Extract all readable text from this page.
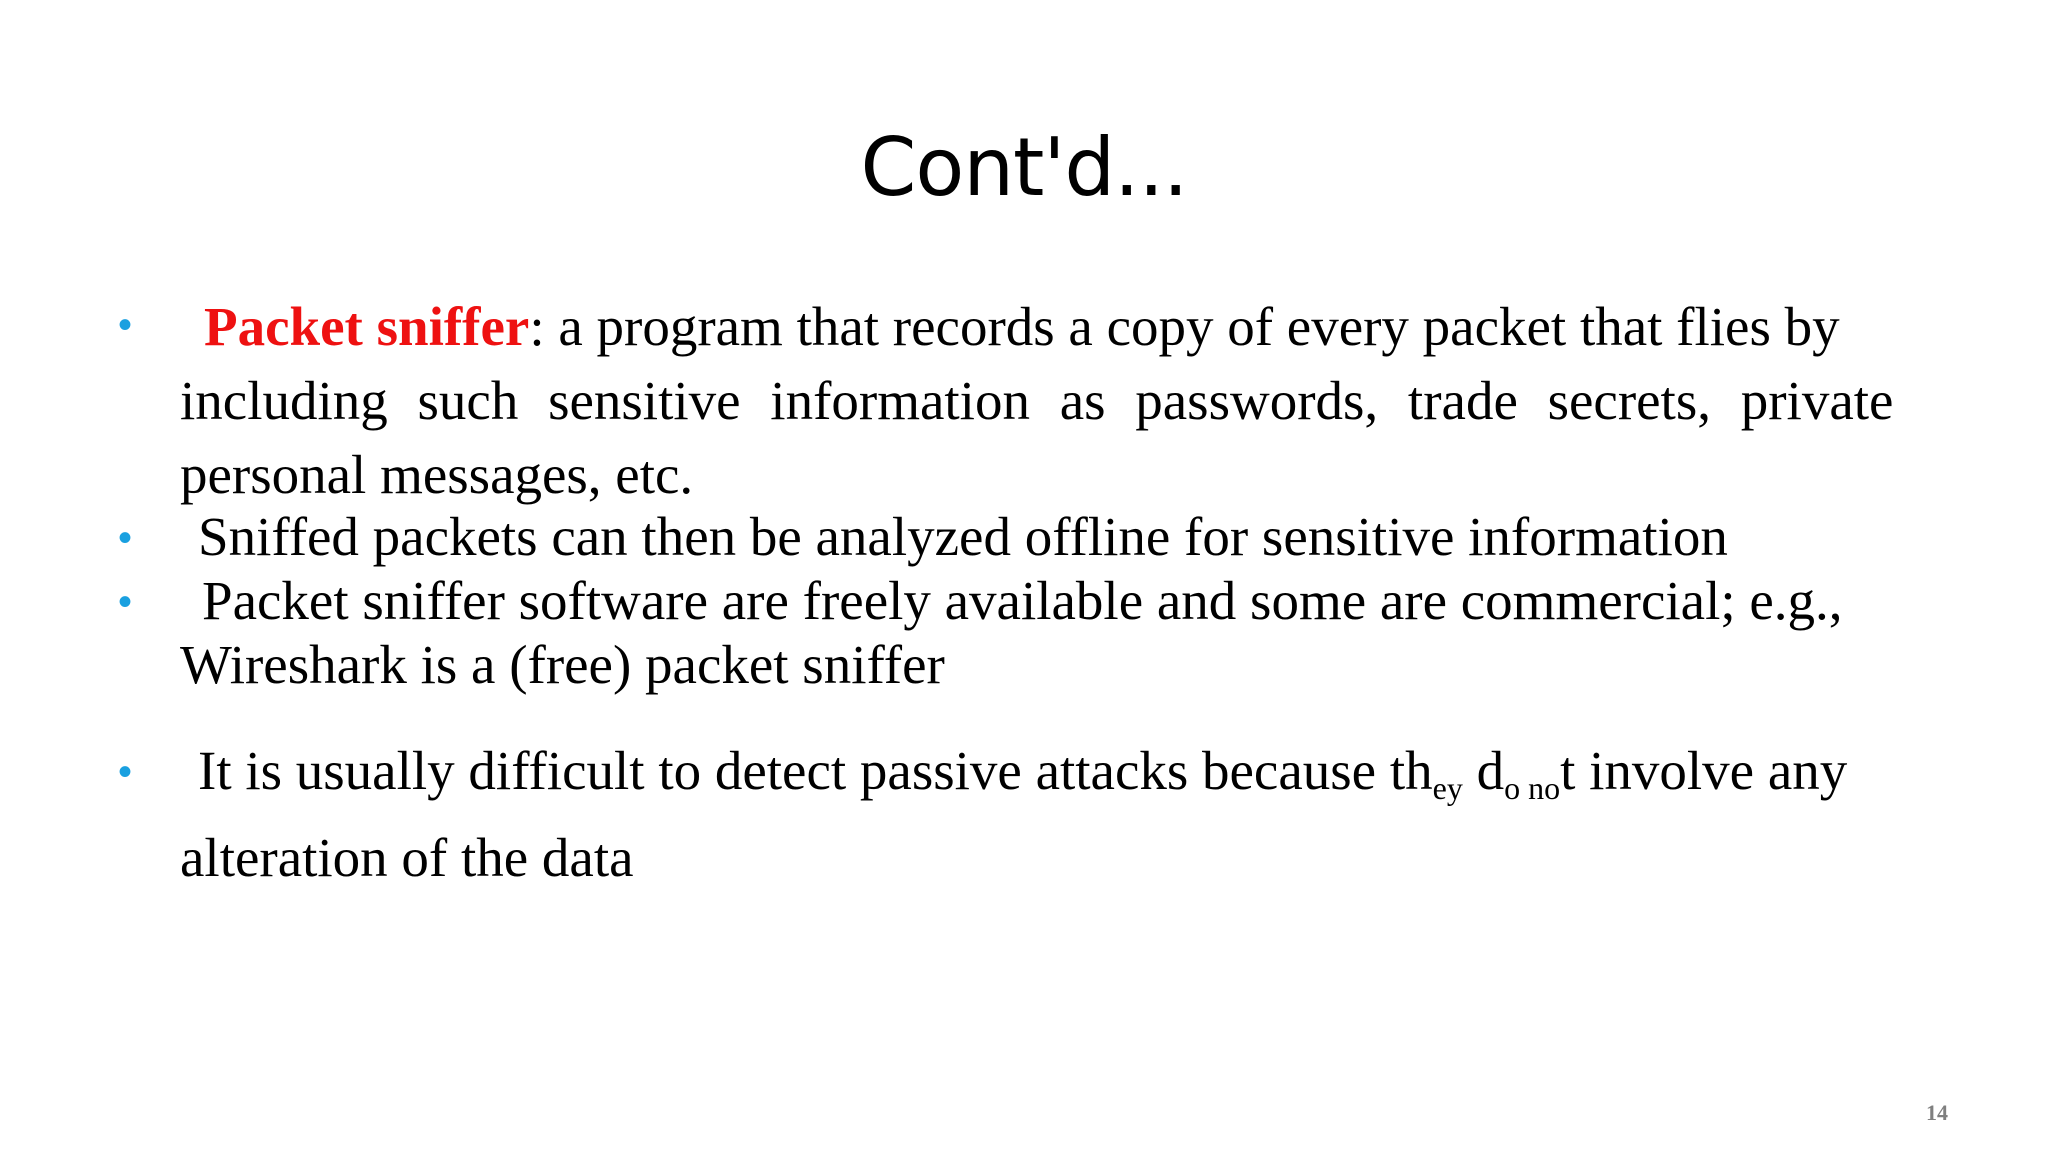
Cont'd...
•	Packet sniffer: a program that records a copy of every packet that flies by
including such sensitive information as passwords, trade secrets, private
personal messages, etc.
•	Sniffed packets can then be analyzed offline for sensitive information
•	Packet sniffer software are freely available and some are commercial; e.g.,
Wireshark is a (free) packet sniffer
•	It is usually difficult to detect passive attacks because $th_{ey}$ $d_{o no}t$ involve any
alteration of the data
14
